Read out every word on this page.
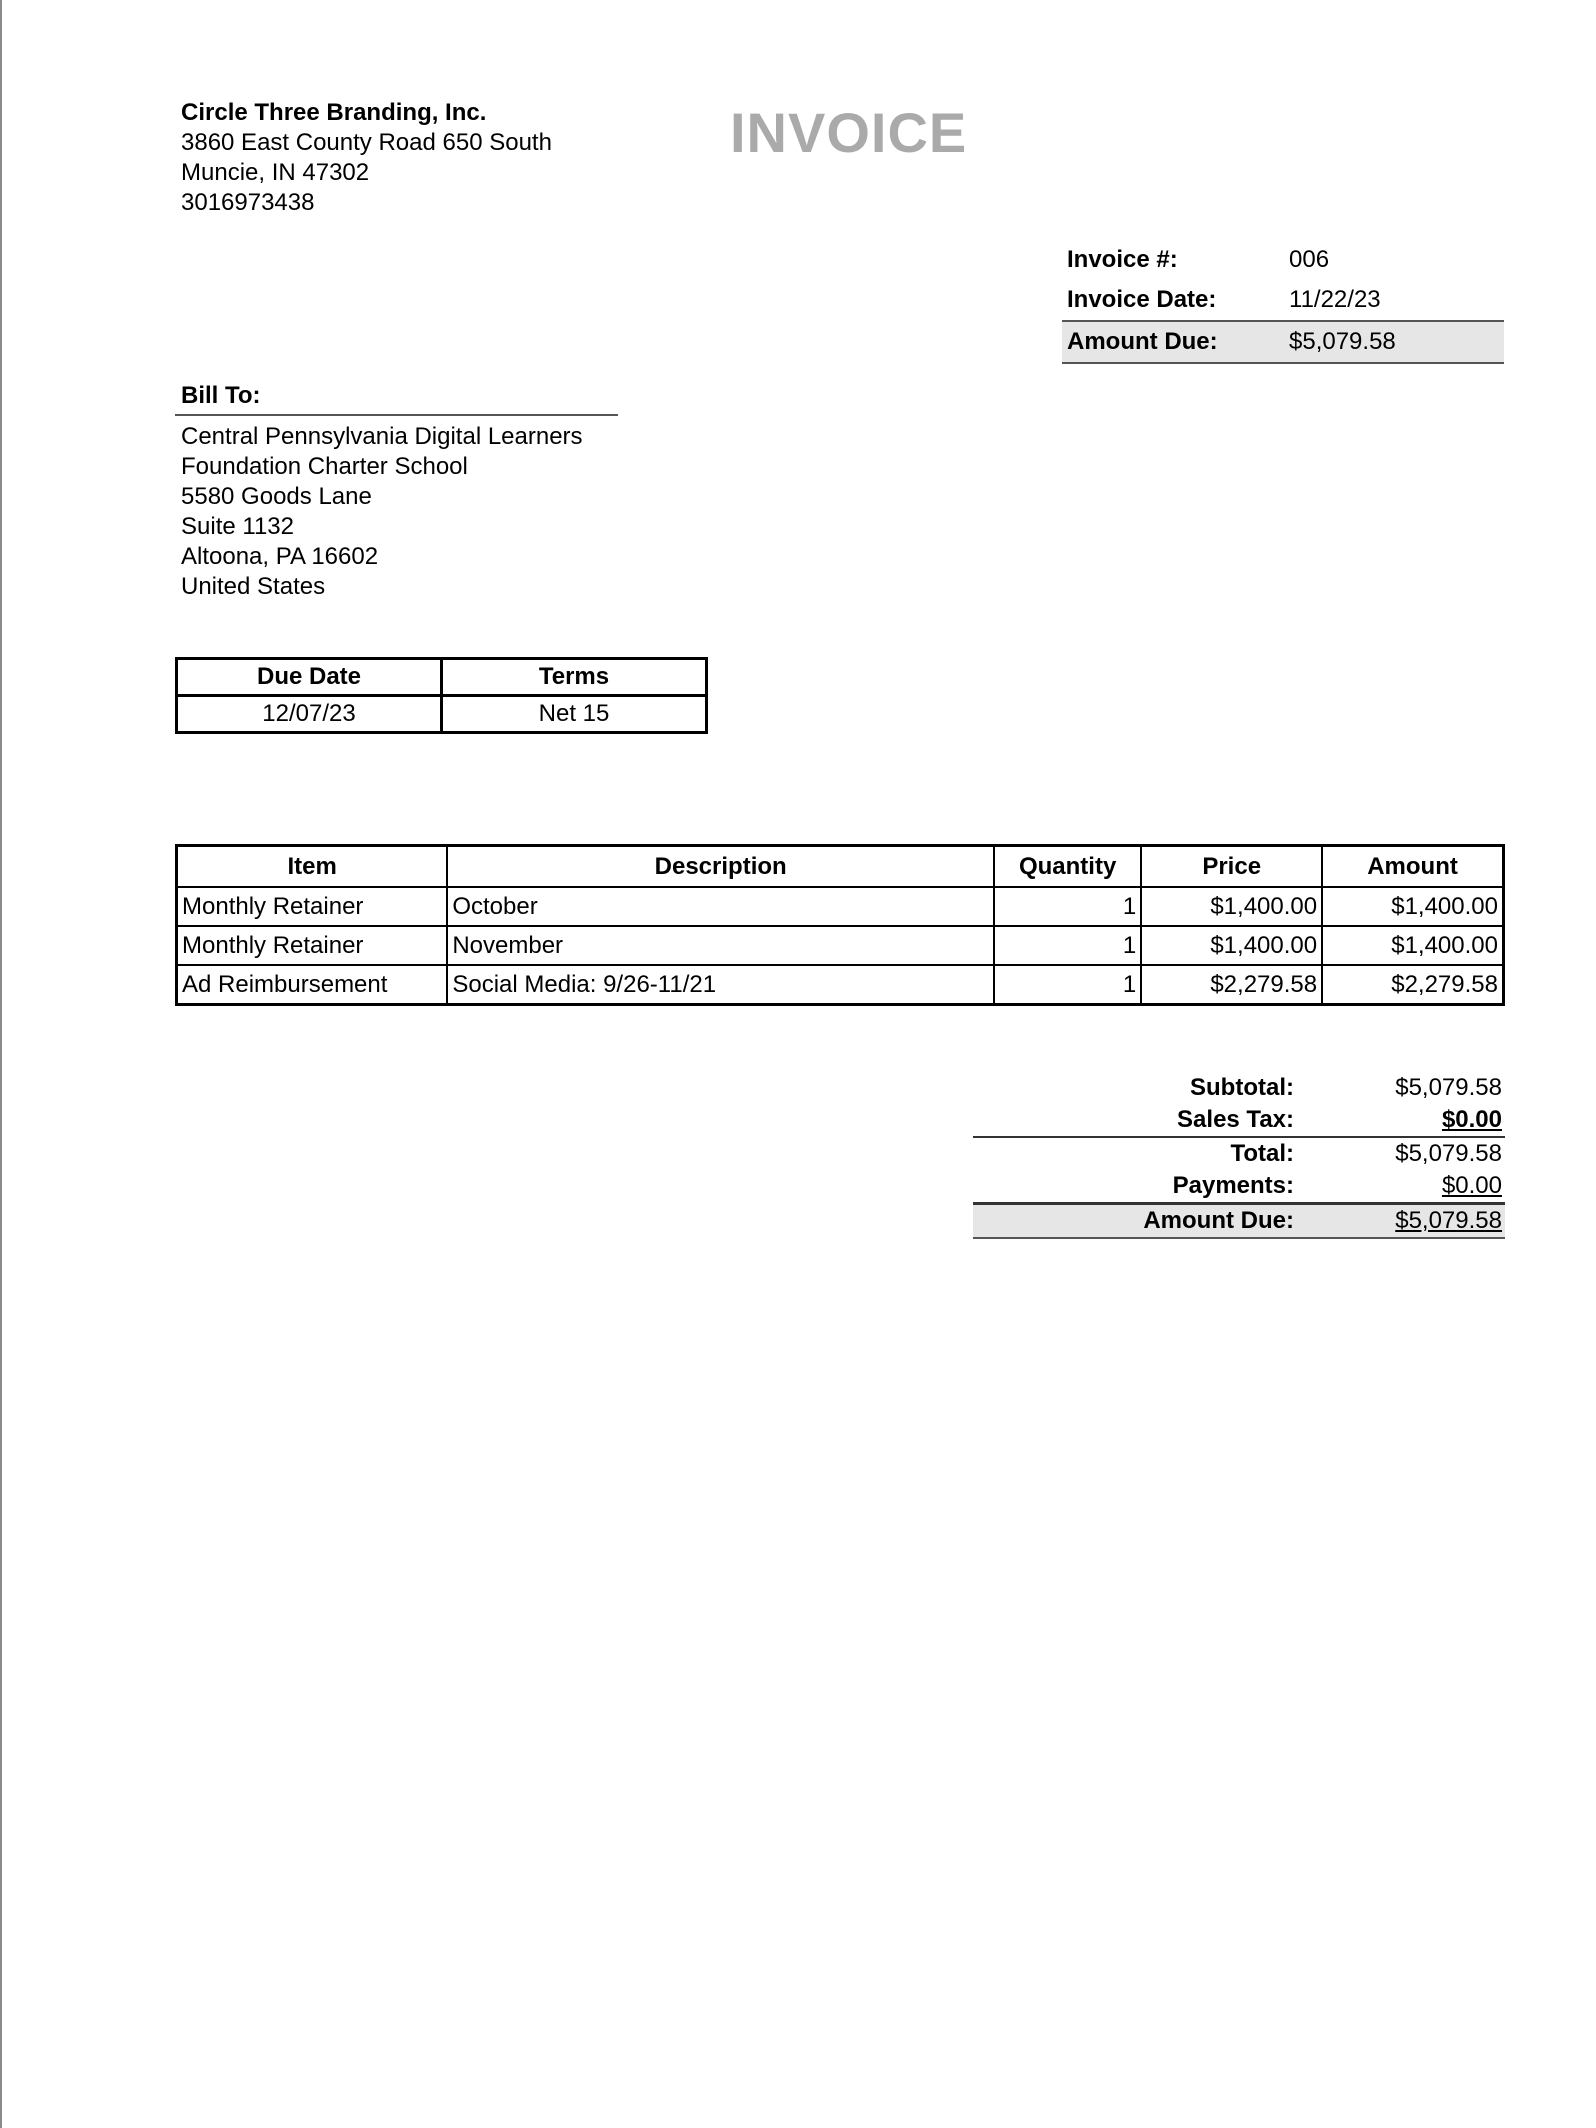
Circle Three Branding, Inc.
3860 East County Road 650 South
Muncie, IN 47302
3016973438
INVOICE
Invoice #:	006
Invoice Date:	11/22/23
Amount Due:	$5,079.58
Bill To:
Central Pennsylvania Digital Learners
Foundation Charter School
5580 Goods Lane
Suite 1132
Altoona, PA 16602
United States
Due Date	Terms
12/07/23	Net 15
Item	Description	Quantity	Price	Amount
Monthly Retainer	October	1	$1,400.00	$1,400.00
Monthly Retainer	November	1	$1,400.00	$1,400.00
Ad Reimbursement	Social Media: 9/26-11/21	1	$2,279.58	$2,279.58
Subtotal:	$5,079.58
Sales Tax:	$0.00
Total:	$5,079.58
Payments:	$0.00
Amount Due:	$5,079.58
